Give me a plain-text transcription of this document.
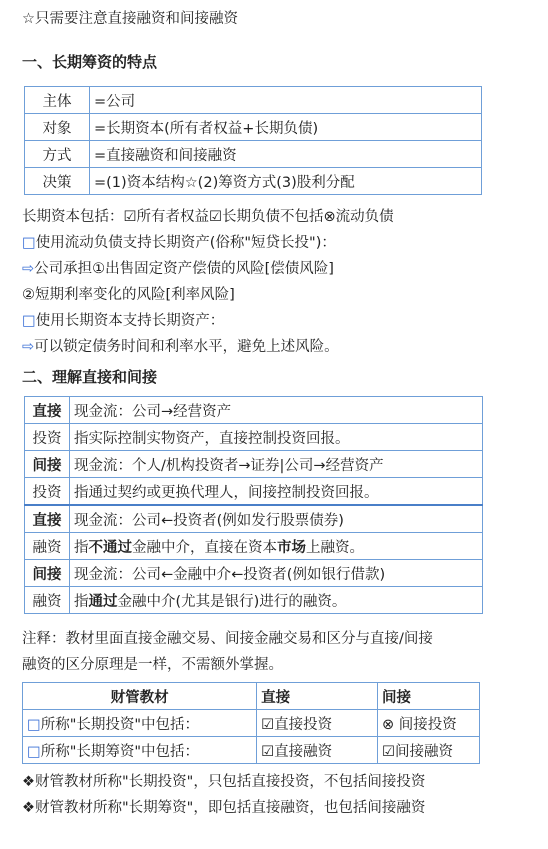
☆只需要注意直接融资和间接融资
一、长期筹资的特点
主体	=公司
对象	=长期资本(所有者权益+长期负债)
方式	=直接融资和间接融资
决策	=(1)资本结构☆(2)筹资方式(3)股利分配
长期资本包括：☑所有者权益☑长期负债不包括⊗流动负债
□使用流动负债支持长期资产(俗称"短贷长投")：
⇨公司承担①出售固定资产偿债的风险[偿债风险]
②短期利率变化的风险[利率风险]
□使用长期资本支持长期资产：
⇨可以锁定债务时间和利率水平，避免上述风险。
二、理解直接和间接
直接	现金流：公司→经营资产
投资	指实际控制实物资产，直接控制投资回报。
间接	现金流：个人/机构投资者→证券|公司→经营资产
投资	指通过契约或更换代理人，间接控制投资回报。
直接	现金流：公司←投资者(例如发行股票债券)
融资	指不通过金融中介，直接在资本市场上融资。
间接	现金流：公司←金融中介←投资者(例如银行借款)
融资	指通过金融中介(尤其是银行)进行的融资。
注释：教材里面直接金融交易、间接金融交易和区分与直接/间接
融资的区分原理是一样，不需额外掌握。
财管教材	直接	间接
□所称"长期投资"中包括：	☑直接投资	⊗ 间接投资
□所称"长期筹资"中包括：	☑直接融资	☑间接融资
❖财管教材所称"长期投资"，只包括直接投资，不包括间接投资
❖财管教材所称"长期筹资"，即包括直接融资，也包括间接融资
